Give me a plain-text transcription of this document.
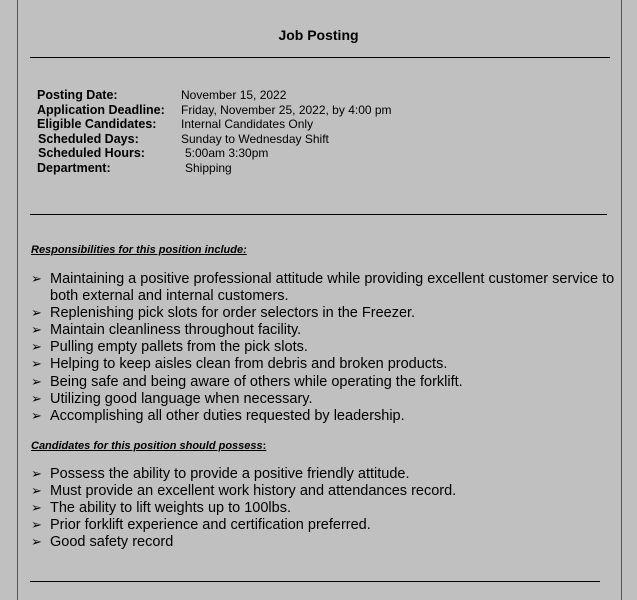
Job Posting
Posting Date:	November 15, 2022
Application Deadline: Friday, November 25, 2022, by 4:00 pm
Eligible Candidates: Internal Candidates Only
Scheduled Days:	Sunday to Wednesday Shift
Scheduled Hours:	5:00am 3:30pm
Department:	Shipping
Responsibilities for this position include:
➢ Maintaining a positive professional attitude while providing excellent customer service to both external and internal customers.
➢ Replenishing pick slots for order selectors in the Freezer.
➢ Maintain cleanliness throughout facility.
➢ Pulling empty pallets from the pick slots.
➢ Helping to keep aisles clean from debris and broken products.
➢ Being safe and being aware of others while operating the forklift.
➢ Utilizing good language when necessary.
➢ Accomplishing all other duties requested by leadership.
Candidates for this position should possess:
➢ Possess the ability to provide a positive friendly attitude.
➢ Must provide an excellent work history and attendances record.
➢ The ability to lift weights up to 100lbs.
➢ Prior forklift experience and certification preferred.
➢ Good safety record
